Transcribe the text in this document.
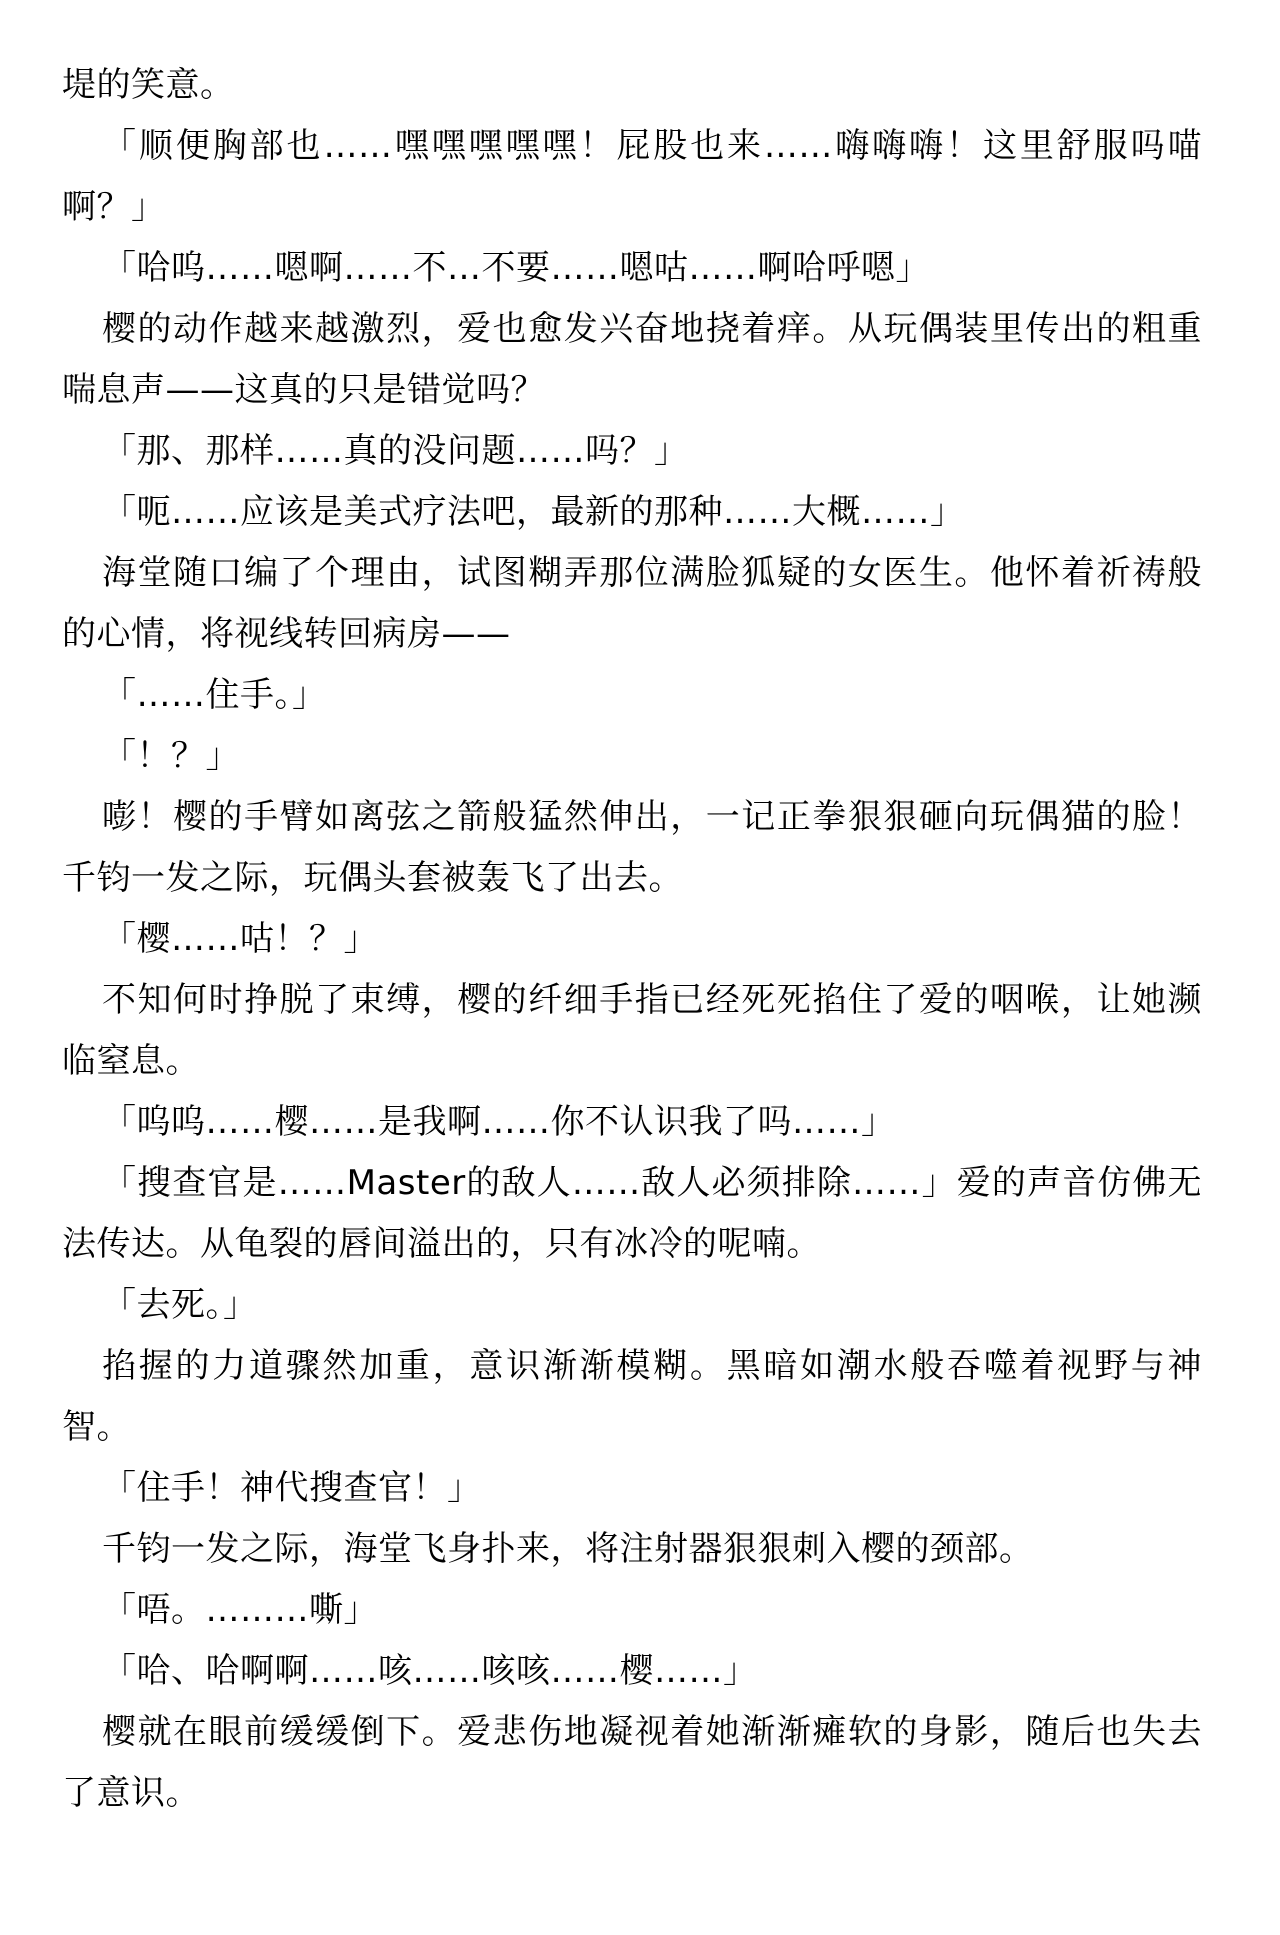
堤的笑意。

「顺便胸部也……嘿嘿嘿嘿嘿！屁股也来……嗨嗨嗨！这里舒服吗喵啊？」

「哈呜……嗯啊……不…不要……嗯咕……啊哈呼嗯」

樱的动作越来越激烈，爱也愈发兴奋地挠着痒。从玩偶装里传出的粗重喘息声——这真的只是错觉吗？

「那、那样……真的没问题……吗？」

「呃……应该是美式疗法吧，最新的那种……大概……」

海堂随口编了个理由，试图糊弄那位满脸狐疑的女医生。他怀着祈祷般的心情，将视线转回病房——

「……住手。」

「！？」

嘭！樱的手臂如离弦之箭般猛然伸出，一记正拳狠狠砸向玩偶猫的脸！千钧一发之际，玩偶头套被轰飞了出去。

「樱……咕！？」

不知何时挣脱了束缚，樱的纤细手指已经死死掐住了爱的咽喉，让她濒临窒息。

「呜呜……樱……是我啊……你不认识我了吗……」

「搜查官是……Master的敌人……敌人必须排除……」爱的声音仿佛无法传达。从龟裂的唇间溢出的，只有冰冷的呢喃。

「去死。」

掐握的力道骤然加重，意识渐渐模糊。黑暗如潮水般吞噬着视野与神智。

「住手！神代搜查官！」

千钧一发之际，海堂飞身扑来，将注射器狠狠刺入樱的颈部。

「唔。………嘶」

「哈、哈啊啊……咳……咳咳……樱……」

樱就在眼前缓缓倒下。爱悲伤地凝视着她渐渐瘫软的身影，随后也失去了意识。
